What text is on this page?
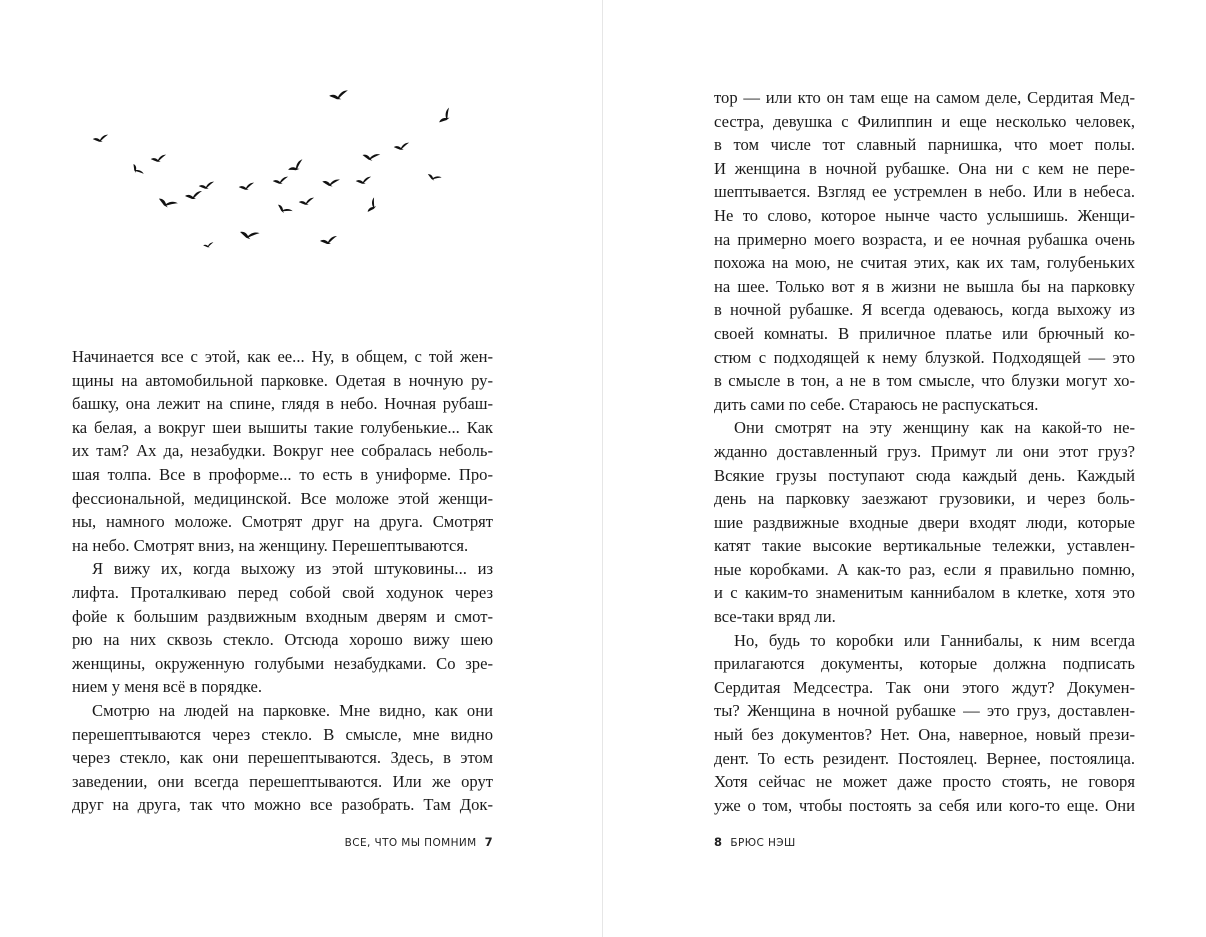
Начинается все с этой, как ее... Ну, в общем, с той жен-
щины на автомобильной парковке. Одетая в ночную ру-
башку, она лежит на спине, глядя в небо. Ночная рубаш-
ка белая, а вокруг шеи вышиты такие голубенькие... Как
их там? Ах да, незабудки. Вокруг нее собралась неболь-
шая толпа. Все в проформе... то есть в униформе. Про-
фессиональной, медицинской. Все моложе этой женщи-
ны, намного моложе. Смотрят друг на друга. Смотрят
на небо. Смотрят вниз, на женщину. Перешептываются.
Я вижу их, когда выхожу из этой штуковины... из
лифта. Проталкиваю перед собой свой ходунок через
фойе к большим раздвижным входным дверям и смот-
рю на них сквозь стекло. Отсюда хорошо вижу шею
женщины, окруженную голубыми незабудками. Со зре-
нием у меня всё в порядке.
Смотрю на людей на парковке. Мне видно, как они
перешептываются через стекло. В смысле, мне видно
через стекло, как они перешептываются. Здесь, в этом
заведении, они всегда перешептываются. Или же орут
друг на друга, так что можно все разобрать. Там Док-
ВСЕ, ЧТО МЫ ПОМНИМ 7
тор — или кто он там еще на самом деле, Сердитая Мед-
сестра, девушка с Филиппин и еще несколько человек,
в том числе тот славный парнишка, что моет полы.
И женщина в ночной рубашке. Она ни с кем не пере-
шептывается. Взгляд ее устремлен в небо. Или в небеса.
Не то слово, которое нынче часто услышишь. Женщи-
на примерно моего возраста, и ее ночная рубашка очень
похожа на мою, не считая этих, как их там, голубеньких
на шее. Только вот я в жизни не вышла бы на парковку
в ночной рубашке. Я всегда одеваюсь, когда выхожу из
своей комнаты. В приличное платье или брючный ко-
стюм с подходящей к нему блузкой. Подходящей — это
в смысле в тон, а не в том смысле, что блузки могут хо-
дить сами по себе. Стараюсь не распускаться.
Они смотрят на эту женщину как на какой-то не-
жданно доставленный груз. Примут ли они этот груз?
Всякие грузы поступают сюда каждый день. Каждый
день на парковку заезжают грузовики, и через боль-
шие раздвижные входные двери входят люди, которые
катят такие высокие вертикальные тележки, уставлен-
ные коробками. А как-то раз, если я правильно помню,
и с каким-то знаменитым каннибалом в клетке, хотя это
все-таки вряд ли.
Но, будь то коробки или Ганнибалы, к ним всегда
прилагаются документы, которые должна подписать
Сердитая Медсестра. Так они этого ждут? Докумен-
ты? Женщина в ночной рубашке — это груз, доставлен-
ный без документов? Нет. Она, наверное, новый прези-
дент. То есть резидент. Постоялец. Вернее, постоялица.
Хотя сейчас не может даже просто стоять, не говоря
уже о том, чтобы постоять за себя или кого-то еще. Они
8 БРЮС НЭШ
